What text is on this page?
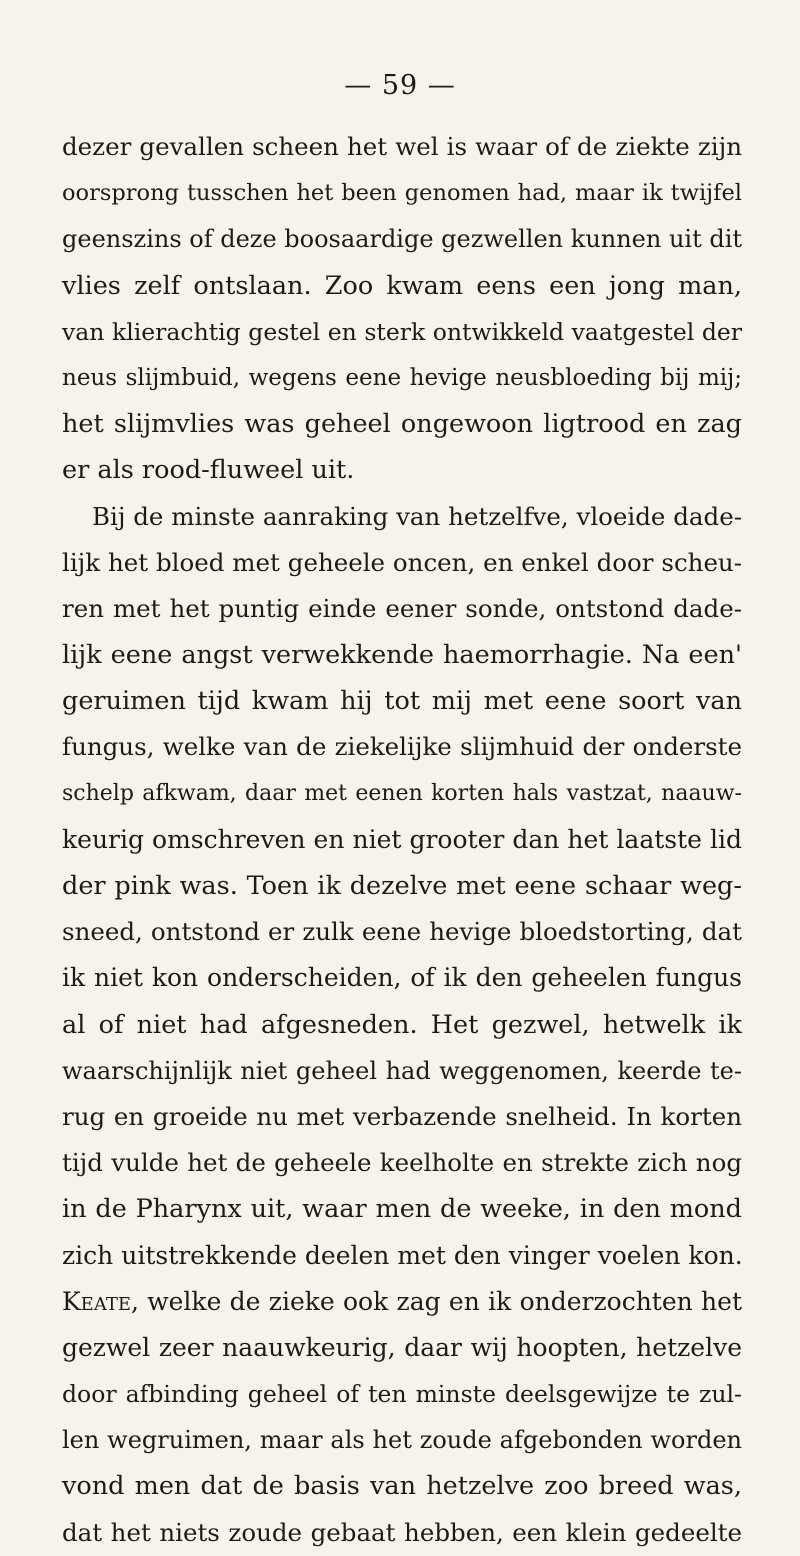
— 59 —
dezer gevallen scheen het wel is waar of de ziekte zijn
oorsprong tusschen het been genomen had, maar ik twijfel
geenszins of deze boosaardige gezwellen kunnen uit dit
vlies zelf ontslaan. Zoo kwam eens een jong man,
van klierachtig gestel en sterk ontwikkeld vaatgestel der
neus slijmbuid, wegens eene hevige neusbloeding bij mij;
het slijmvlies was geheel ongewoon ligtrood en zag
er als rood-fluweel uit.
Bij de minste aanraking van hetzelfve, vloeide dade-
lijk het bloed met geheele oncen, en enkel door scheu-
ren met het puntig einde eener sonde, ontstond dade-
lijk eene angst verwekkende haemorrhagie. Na een'
geruimen tijd kwam hij tot mij met eene soort van
fungus, welke van de ziekelijke slijmhuid der onderste
schelp afkwam, daar met eenen korten hals vastzat, naauw-
keurig omschreven en niet grooter dan het laatste lid
der pink was. Toen ik dezelve met eene schaar weg-
sneed, ontstond er zulk eene hevige bloedstorting, dat
ik niet kon onderscheiden, of ik den geheelen fungus
al of niet had afgesneden. Het gezwel, hetwelk ik
waarschijnlijk niet geheel had weggenomen, keerde te-
rug en groeide nu met verbazende snelheid. In korten
tijd vulde het de geheele keelholte en strekte zich nog
in de Pharynx uit, waar men de weeke, in den mond
zich uitstrekkende deelen met den vinger voelen kon.
Keate, welke de zieke ook zag en ik onderzochten het
gezwel zeer naauwkeurig, daar wij hoopten, hetzelve
door afbinding geheel of ten minste deelsgewijze te zul-
len wegruimen, maar als het zoude afgebonden worden
vond men dat de basis van hetzelve zoo breed was,
dat het niets zoude gebaat hebben, een klein gedeelte
